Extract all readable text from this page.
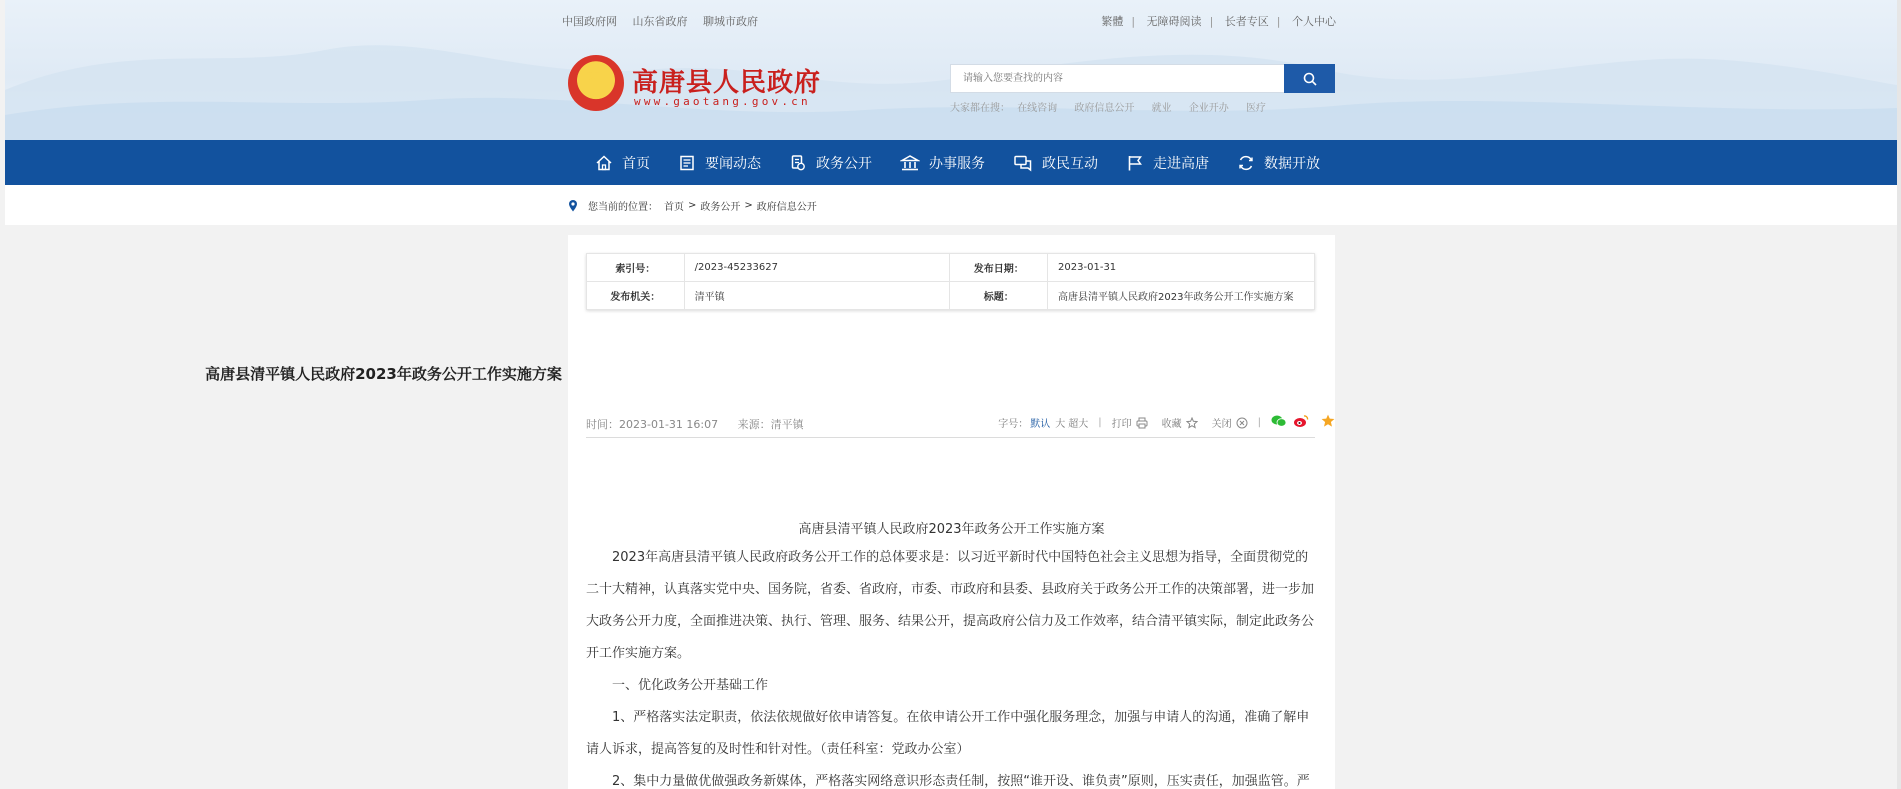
中国政府网 山东省政府 聊城市政府	繁體 | 无障碍阅读 | 长者专区 | 个人中心
★ 高唐县人民政府
www.gaotang.gov.cn
请输入您要查找的内容
大家都在搜： 在线咨询 政府信息公开 就业 企业开办 医疗
首页	要闻动态	政务公开	办事服务	政民互动	走进高唐	数据开放
您当前的位置： 首页 > 政务公开 > 政府信息公开
索引号：	/2023-45233627	发布日期：	2023-01-31
发布机关：	清平镇	标题：	高唐县清平镇人民政府2023年政务公开工作实施方案
高唐县清平镇人民政府2023年政务公开工作实施方案
时间：2023-01-31 16:07 来源：清平镇	字号： 默认 大 超大 | 打印	收藏	关闭	|
高唐县清平镇人民政府2023年政务公开工作实施方案
2023年高唐县清平镇人民政府政务公开工作的总体要求是：以习近平新时代中国特色社会主义思想为指导，全面贯彻党的二十大精神，认真落实党中央、国务院，省委、省政府，市委、市政府和县委、县政府关于政务公开工作的决策部署，进一步加大政务公开力度，全面推进决策、执行、管理、服务、结果公开，提高政府公信力及工作效率，结合清平镇实际，制定此政务公开工作实施方案。
一、优化政务公开基础工作
1、严格落实法定职责，依法依规做好依申请答复。在依申请公开工作中强化服务理念，加强与申请人的沟通，准确了解申请人诉求，提高答复的及时性和针对性。（责任科室：党政办公室）
2、集中力量做优做强政务新媒体，严格落实网络意识形态责任制，按照“谁开设、谁负责”原则，压实责任，加强监管。严
